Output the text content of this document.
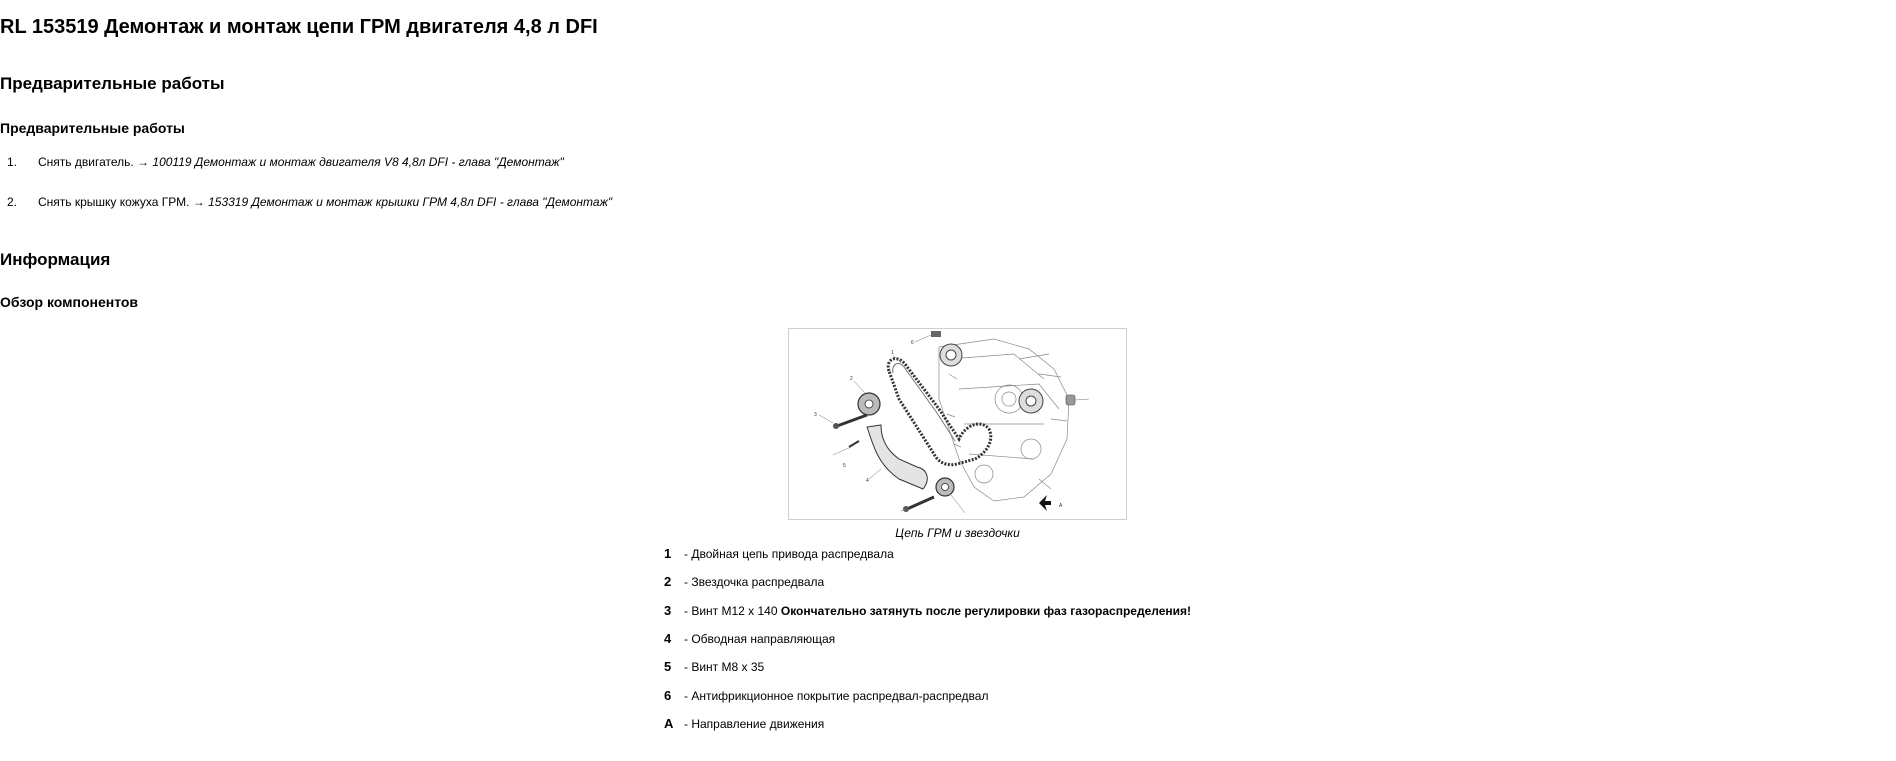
RL 153519 Демонтаж и монтаж цепи ГРМ двигателя 4,8 л DFI
Предварительные работы
Предварительные работы
1. Снять двигатель. → 100119 Демонтаж и монтаж двигателя V8 4,8л DFI - глава "Демонтаж"
2. Снять крышку кожуха ГРМ. → 153319 Демонтаж и монтаж крышки ГРМ 4,8л DFI - глава "Демонтаж"
Информация
Обзор компонентов
1
2
3
4
5
6
A
Цепь ГРМ и звездочки
1 - Двойная цепь привода распредвала
2 - Звездочка распредвала
3 - Винт M12 x 140 Окончательно затянуть после регулировки фаз газораспределения!
4 - Обводная направляющая
5 - Винт M8 x 35
6 - Антифрикционное покрытие распредвал-распредвал
A - Направление движения
